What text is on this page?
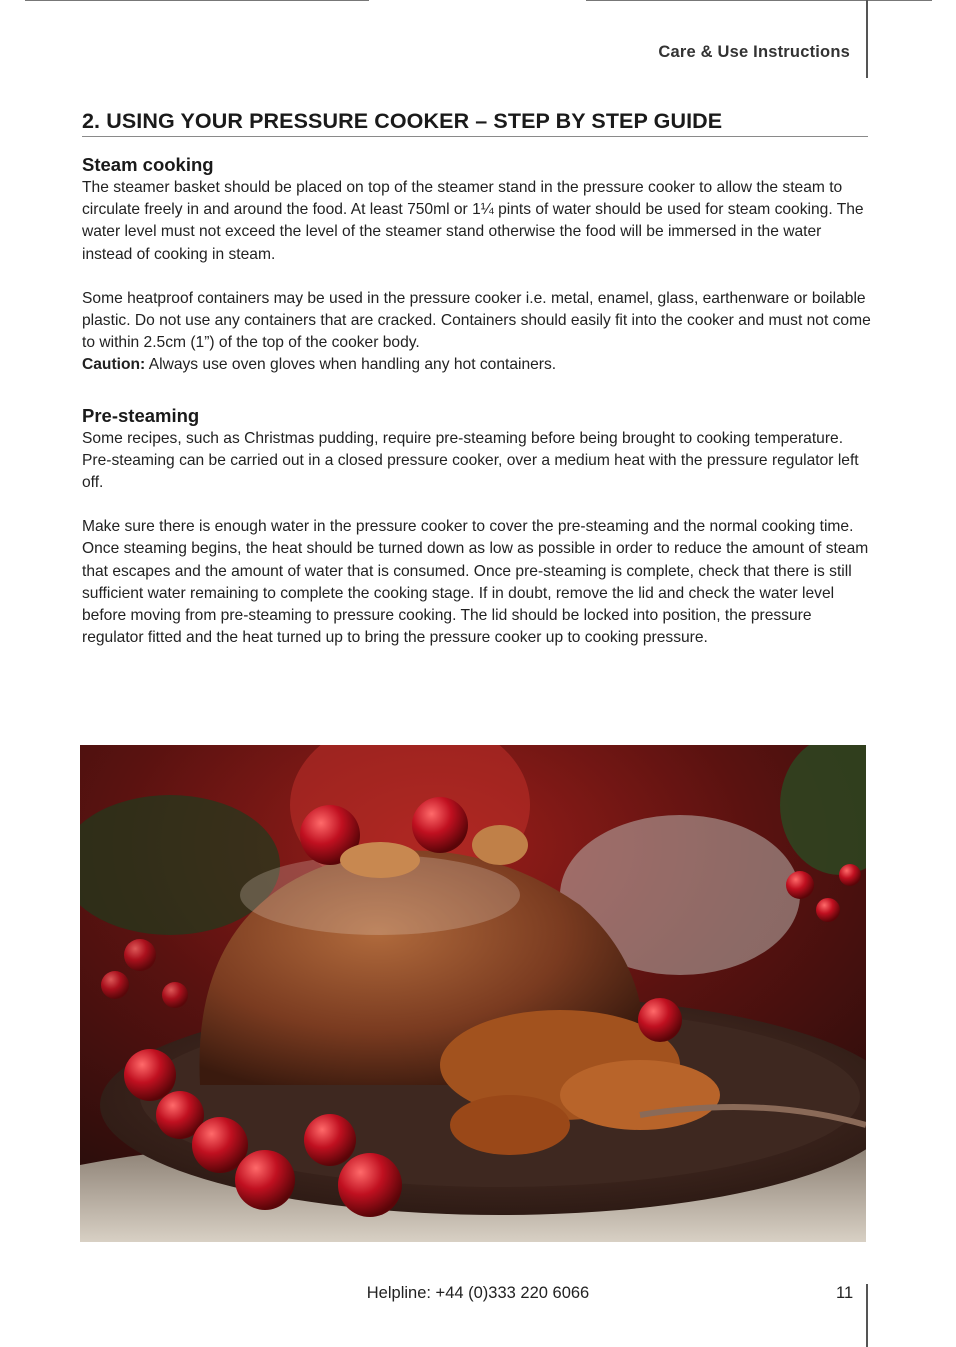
Care & Use Instructions
2. USING YOUR PRESSURE COOKER – STEP BY STEP GUIDE
Steam cooking

The steamer basket should be placed on top of the steamer stand in the pressure cooker to allow the steam to circulate freely in and around the food. At least 750ml or 1¼ pints of water should be used for steam cooking. The water level must not exceed the level of the steamer stand otherwise the food will be immersed in the water instead of cooking in steam.

Some heatproof containers may be used in the pressure cooker i.e. metal, enamel, glass, earthenware or boilable plastic. Do not use any containers that are cracked. Containers should easily fit into the cooker and must not come to within 2.5cm (1”) of the top of the cooker body.

Caution: Always use oven gloves when handling any hot containers.

Pre-steaming

Some recipes, such as Christmas pudding, require pre-steaming before being brought to cooking temperature. Pre-steaming can be carried out in a closed pressure cooker, over a medium heat with the pressure regulator left off.

Make sure there is enough water in the pressure cooker to cover the pre-steaming and the normal cooking time. Once steaming begins, the heat should be turned down as low as possible in order to reduce the amount of steam that escapes and the amount of water that is consumed. Once pre-steaming is complete, check that there is still sufficient water remaining to complete the cooking stage. If in doubt, remove the lid and check the water level before moving from pre-steaming to pressure cooking. The lid should be locked into position, the pressure regulator fitted and the heat turned up to bring the pressure cooker up to cooking pressure.

Helpline: +44 (0)333 220 6066	11
